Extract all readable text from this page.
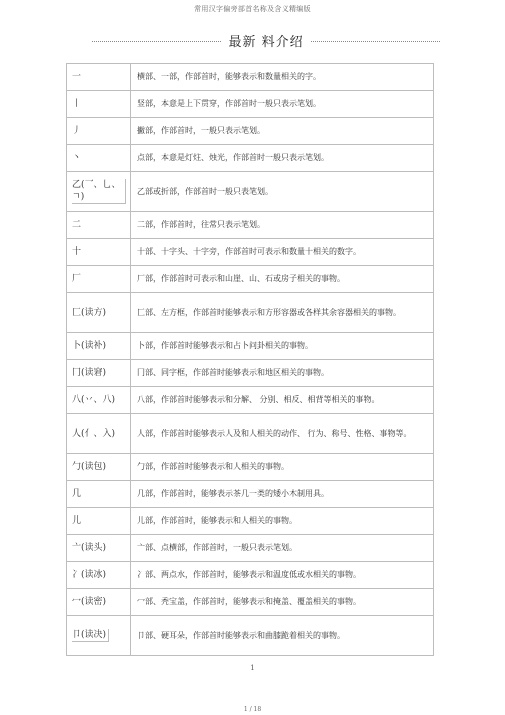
常用汉字偏旁部首名称及含义精编版
最新 料介绍
一	横部、一部，作部首时，能够表示和数量相关的字。
丨	竖部，本意是上下贯穿，作部首时一般只表示笔划。
丿	撇部，作部首时，一般只表示笔划。
丶	点部，本意是灯炷、烛光，作部首时一般只表示笔划。
乙(乛、乚、ㄱ)	乙部或折部，作部首时一般只表笔划。
二	二部，作部首时，往常只表示笔划。
十	十部、十字头、十字旁，作部首时可表示和数量十相关的数字。
厂	厂部，作部首时可表示和山崖、山、石或房子相关的事物。
匚(读方)	匚部、左方框，作部首时能够表示和方形容器或各样其余容器相关的事物。
卜(读补)	卜部，作部首时能够表示和占卜问卦相关的事物。
冂(读窘)	冂部、同字框，作部首时能够表示和地区相关的事物。
八(丷、八)	八部，作部首时能够表示和分解、 分别、相反、相背等相关的事物。
人(亻、入)	人部，作部首时能够表示人及和人相关的动作、 行为、称号、性格、事物等。
勹(读包)	勹部，作部首时能够表示和人相关的事物。
几	几部，作部首时，能够表示茶几一类的矮小木制用具。
儿	儿部，作部首时，能够表示和人相关的事物。
亠(读头)	亠部、点横部，作部首时，一般只表示笔划。
冫(读冰)	冫部、两点水，作部首时，能够表示和温度低或水相关的事物。
冖(读密)	冖部、秃宝盖，作部首时，能够表示和掩盖、覆盖相关的事物。
卩(读决)	卩部、硬耳朵，作部首时能够表示和曲膝跪着相关的事物。
1
1 / 18
